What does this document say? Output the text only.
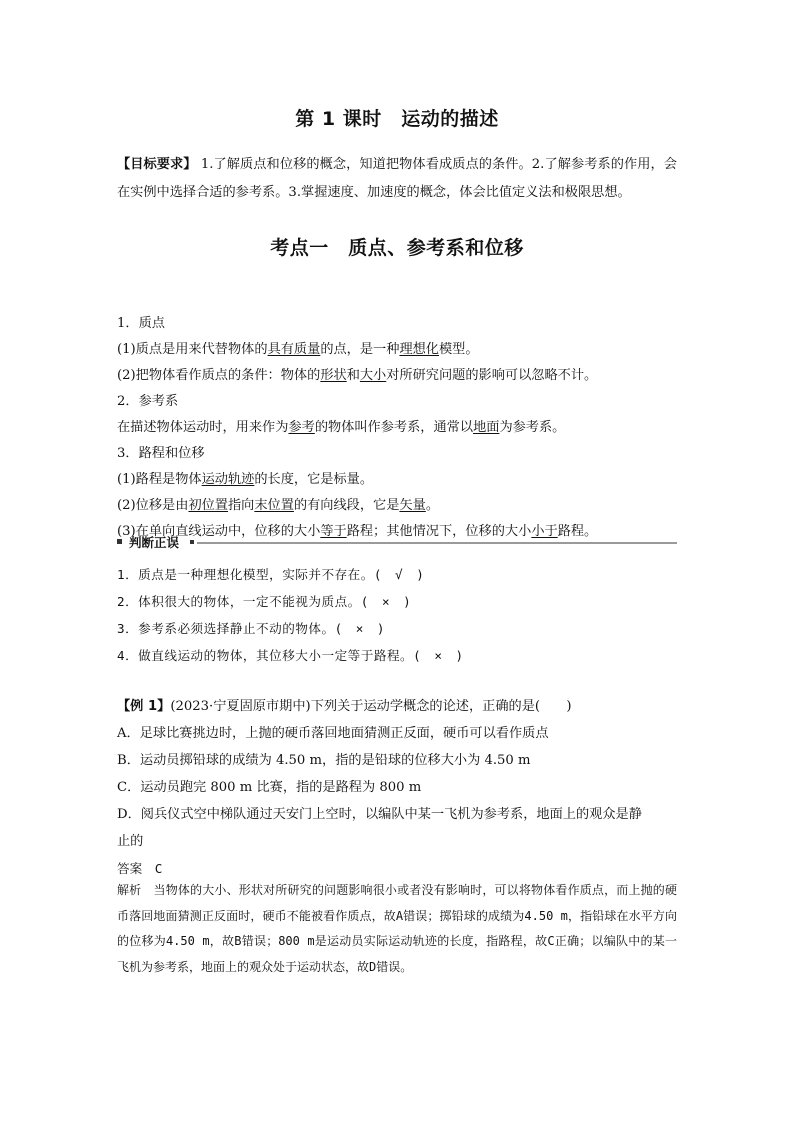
第 1 课时　运动的描述
【目标要求】 1.了解质点和位移的概念，知道把物体看成质点的条件。2.了解参考系的作用，会在实例中选择合适的参考系。3.掌握速度、加速度的概念，体会比值定义法和极限思想。
考点一　质点、参考系和位移
1．质点
(1)质点是用来代替物体的具有质量的点，是一种理想化模型。
(2)把物体看作质点的条件：物体的形状和大小对所研究问题的影响可以忽略不计。
2．参考系
在描述物体运动时，用来作为参考的物体叫作参考系，通常以地面为参考系。
3．路程和位移
(1)路程是物体运动轨迹的长度，它是标量。
(2)位移是由初位置指向末位置的有向线段，它是矢量。
(3)在单向直线运动中，位移的大小等于路程；其他情况下，位移的大小小于路程。
判断正误
1．质点是一种理想化模型，实际并不存在。(　√　)
2．体积很大的物体，一定不能视为质点。(　×　)
3．参考系必须选择静止不动的物体。(　×　)
4．做直线运动的物体，其位移大小一定等于路程。(　×　)
【例 1】(2023·宁夏固原市期中)下列关于运动学概念的论述，正确的是(　　)
A．足球比赛挑边时，上抛的硬币落回地面猜测正反面，硬币可以看作质点
B．运动员掷铅球的成绩为 4.50 m，指的是铅球的位移大小为 4.50 m
C．运动员跑完 800 m 比赛，指的是路程为 800 m
D．阅兵仪式空中梯队通过天安门上空时，以编队中某一飞机为参考系，地面上的观众是静
止的
答案　C
解析　当物体的大小、形状对所研究的问题影响很小或者没有影响时，可以将物体看作质点，而上抛的硬币落回地面猜测正反面时，硬币不能被看作质点，故A错误；掷铅球的成绩为4.50 m，指铅球在水平方向的位移为4.50 m，故B错误；800 m是运动员实际运动轨迹的长度，指路程，故C正确；以编队中的某一飞机为参考系，地面上的观众处于运动状态，故D错误。
